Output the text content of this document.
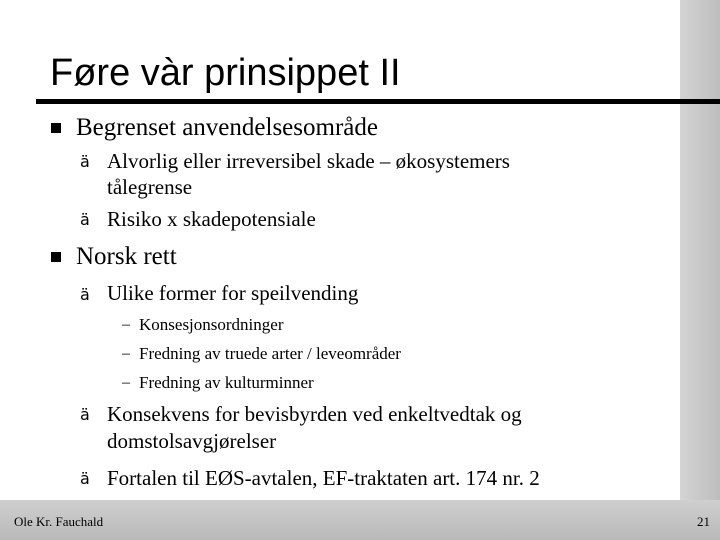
Føre vàr prinsippet II
Begrenset anvendelsesområde
ä Alvorlig eller irreversibel skade – økosystemers
tålegrense
ä Risiko x skadepotensiale
Norsk rett
ä Ulike former for speilvending
– Konsesjonsordninger
– Fredning av truede arter / leveområder
– Fredning av kulturminner
ä Konsekvens for bevisbyrden ved enkeltvedtak og
domstolsavgjørelser
ä Fortalen til EØS-avtalen, EF-traktaten art. 174 nr. 2
Ole Kr. Fauchald	21
